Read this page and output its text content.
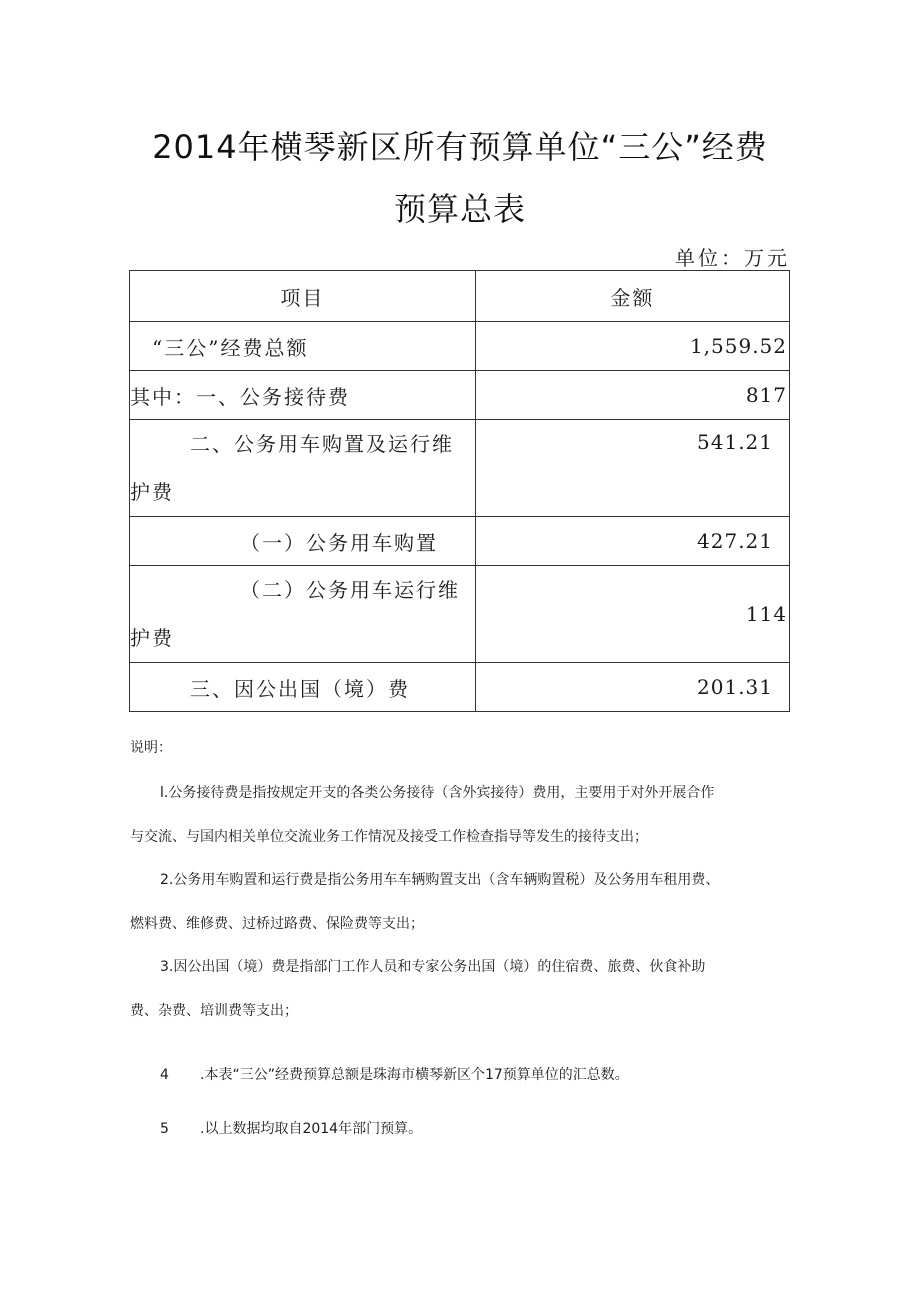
2014年横琴新区所有预算单位“三公”经费
预算总表
单位：万元
项目	金额
“三公”经费总额	1,559.52
其中：一、公务接待费	817

二、公务用车购置及运行维
护费	541.21
（一）公务用车购置	427.21

（二）公务用车运行维
护费	114
三、因公出国（境）费	201.31
说明：
l.公务接待费是指按规定开支的各类公务接待（含外宾接待）费用，主要用于对外开展合作
与交流、与国内相关单位交流业务工作情况及接受工作检查指导等发生的接待支出；
2.公务用车购置和运行费是指公务用车车辆购置支出（含车辆购置税）及公务用车租用费、
燃料费、维修费、过桥过路费、保险费等支出；
3.因公出国（境）费是指部门工作人员和专家公务出国（境）的住宿费、旅费、伙食补助
费、杂费、培训费等支出；
4 .本表“三公”经费预算总额是珠海市横琴新区个17预算单位的汇总数。
5 .以上数据均取自2014年部门预算。
